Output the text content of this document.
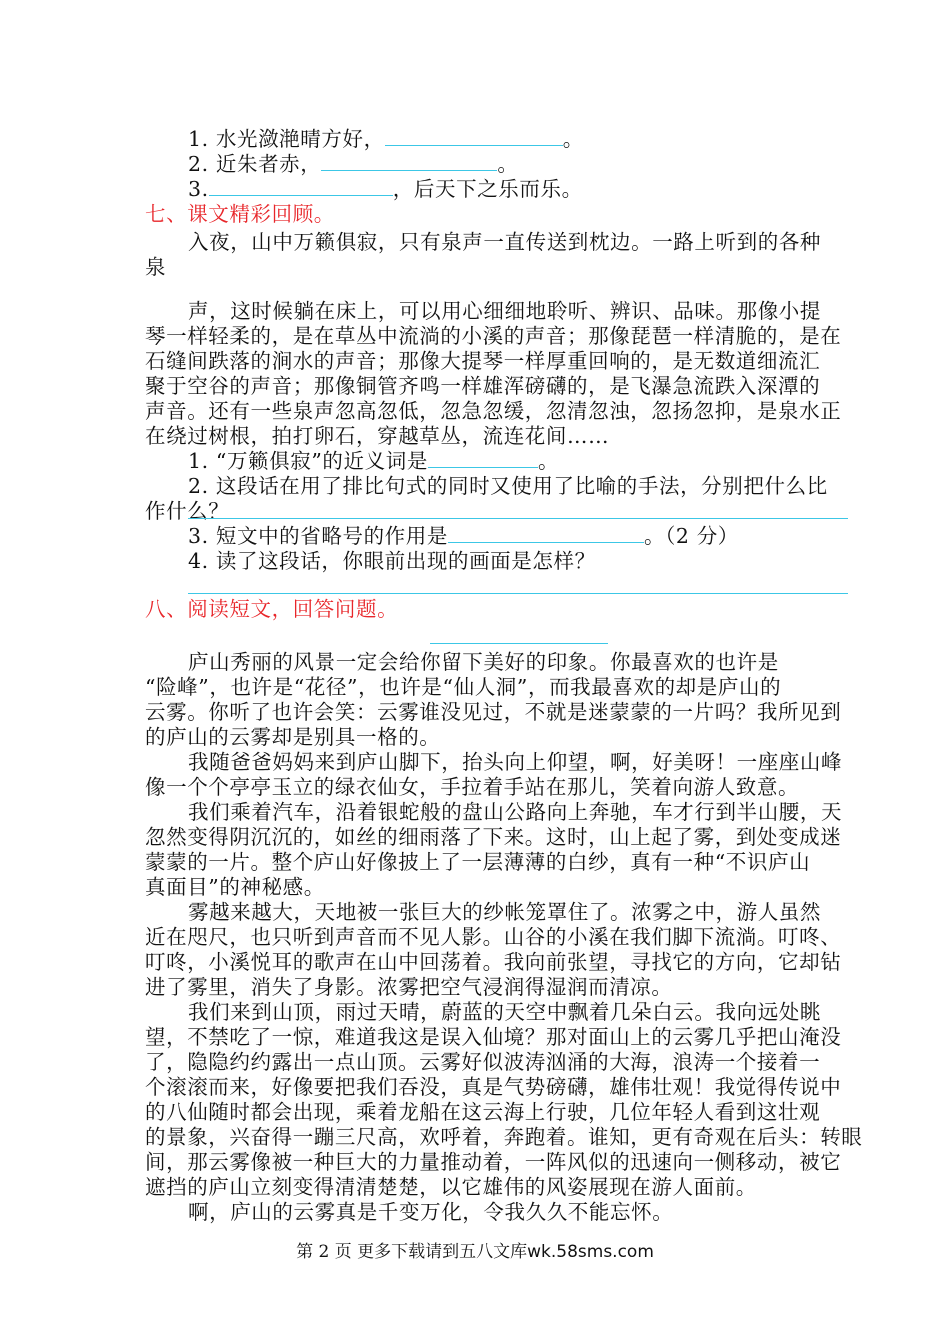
1. 水光潋滟晴方好，	。
2. 近朱者赤，	。
3.	，后天下之乐而乐。
七、课文精彩回顾。
入夜，山中万籁俱寂，只有泉声一直传送到枕边。一路上听到的各种
泉
声，这时候躺在床上，可以用心细细地聆听、辨识、品味。那像小提
琴一样轻柔的，是在草丛中流淌的小溪的声音；那像琵琶一样清脆的，是在
石缝间跌落的涧水的声音；那像大提琴一样厚重回响的，是无数道细流汇
聚于空谷的声音；那像铜管齐鸣一样雄浑磅礴的，是飞瀑急流跌入深潭的
声音。还有一些泉声忽高忽低，忽急忽缓，忽清忽浊，忽扬忽抑，是泉水正
在绕过树根，拍打卵石，穿越草丛，流连花间……
1. “万籁俱寂”的近义词是	。
2. 这段话在用了排比句式的同时又使用了比喻的手法，分别把什么比
作什么？
3. 短文中的省略号的作用是	。（2 分）
4. 读了这段话，你眼前出现的画面是怎样？
八、阅读短文，回答问题。
庐山秀丽的风景一定会给你留下美好的印象。你最喜欢的也许是
“险峰”，也许是“花径”，也许是“仙人洞”，而我最喜欢的却是庐山的
云雾。你听了也许会笑：云雾谁没见过，不就是迷蒙蒙的一片吗？我所见到
的庐山的云雾却是别具一格的。
我随爸爸妈妈来到庐山脚下，抬头向上仰望，啊，好美呀！一座座山峰
像一个个亭亭玉立的绿衣仙女，手拉着手站在那儿，笑着向游人致意。
我们乘着汽车，沿着银蛇般的盘山公路向上奔驰，车才行到半山腰，天
忽然变得阴沉沉的，如丝的细雨落了下来。这时，山上起了雾，到处变成迷
蒙蒙的一片。整个庐山好像披上了一层薄薄的白纱，真有一种“不识庐山
真面目”的神秘感。
雾越来越大，天地被一张巨大的纱帐笼罩住了。浓雾之中，游人虽然
近在咫尺，也只听到声音而不见人影。山谷的小溪在我们脚下流淌。叮咚、
叮咚，小溪悦耳的歌声在山中回荡着。我向前张望，寻找它的方向，它却钻
进了雾里，消失了身影。浓雾把空气浸润得湿润而清凉。
我们来到山顶，雨过天晴，蔚蓝的天空中飘着几朵白云。我向远处眺
望，不禁吃了一惊，难道我这是误入仙境？那对面山上的云雾几乎把山淹没
了，隐隐约约露出一点山顶。云雾好似波涛汹涌的大海，浪涛一个接着一
个滚滚而来，好像要把我们吞没，真是气势磅礴，雄伟壮观！我觉得传说中
的八仙随时都会出现，乘着龙船在这云海上行驶，几位年轻人看到这壮观
的景象，兴奋得一蹦三尺高，欢呼着，奔跑着。谁知，更有奇观在后头：转眼
间，那云雾像被一种巨大的力量推动着，一阵风似的迅速向一侧移动，被它
遮挡的庐山立刻变得清清楚楚，以它雄伟的风姿展现在游人面前。
啊，庐山的云雾真是千变万化，令我久久不能忘怀。
第 2 页 更多下载请到五八文库wk.58sms.com
